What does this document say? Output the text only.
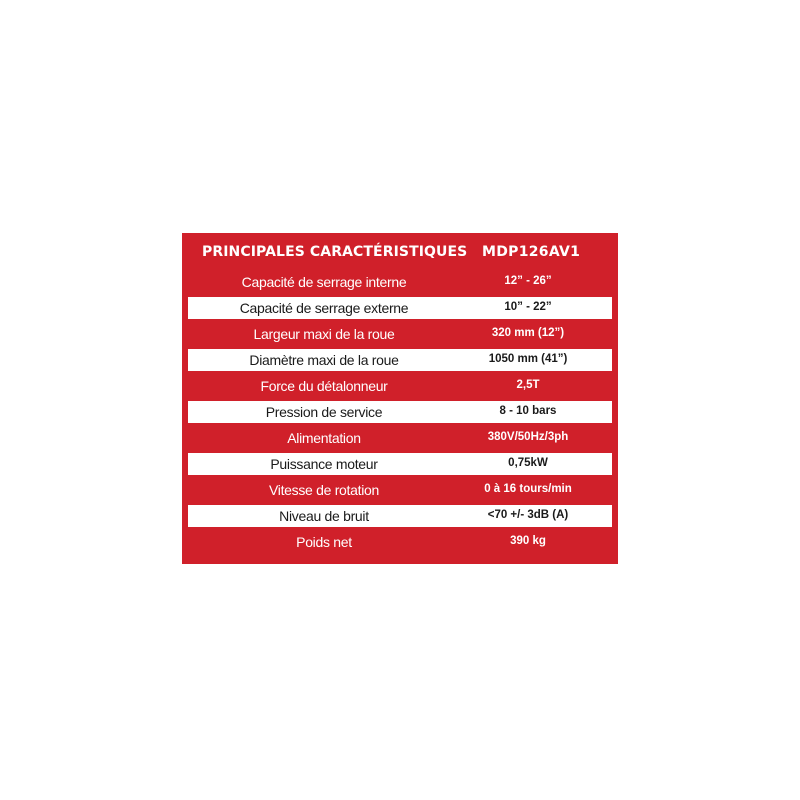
PRINCIPALES CARACTÉRISTIQUES MDP126AV1
Capacité de serrage interne	12” - 26”
Capacité de serrage externe	10” - 22”
Largeur maxi de la roue	320 mm (12”)
Diamètre maxi de la roue	1050 mm (41”)
Force du détalonneur	2,5T
Pression de service	8 - 10 bars
Alimentation	380V/50Hz/3ph
Puissance moteur	0,75kW
Vitesse de rotation	0 à 16 tours/min
Niveau de bruit	<70 +/- 3dB (A)
Poids net	390 kg
